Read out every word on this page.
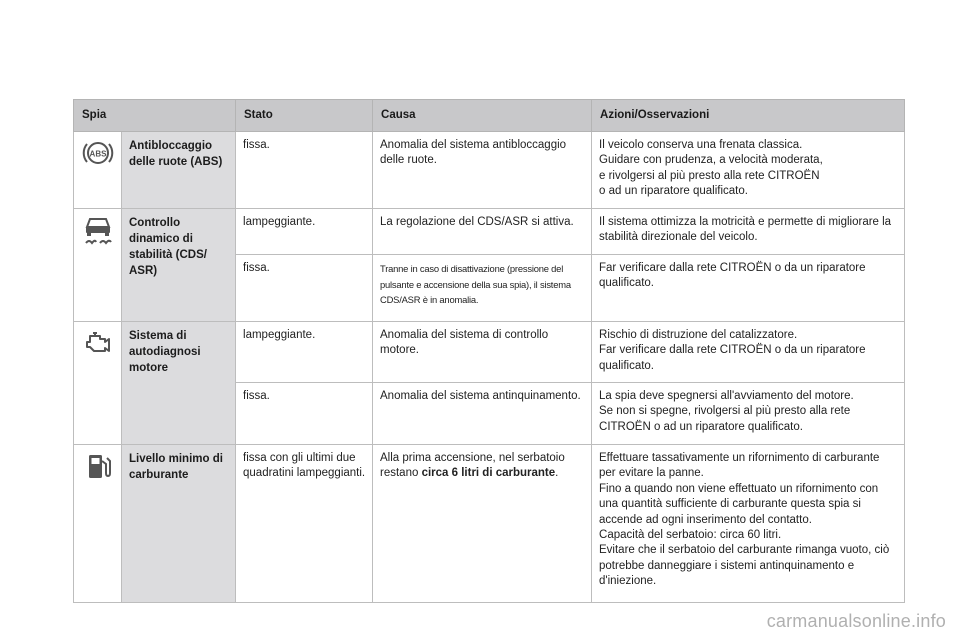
Spia		Stato	Causa	Azioni/Osservazioni

ABS	Antibloccaggio delle ruote (ABS)	fissa.	Anomalia del sistema antibloccaggio delle ruote.	Il veicolo conserva una frenata classica.
Guidare con prudenza, a velocità moderata,
e rivolgersi al più presto alla rete CITROËN
o ad un riparatore qualificato.

	Controllo dinamico di stabilità (CDS/ ASR)	lampeggiante.	La regolazione del CDS/ASR si attiva.	Il sistema ottimizza la motricità e permette di migliorare la stabilità direzionale del veicolo.
		fissa.	Tranne in caso di disattivazione (pressione del pulsante e accensione della sua spia), il sistema CDS/ASR è in anomalia.	Far verificare dalla rete CITROËN o da un riparatore qualificato.

	Sistema di autodiagnosi motore	lampeggiante.	Anomalia del sistema di controllo motore.	Rischio di distruzione del catalizzatore.
Far verificare dalla rete CITROËN o da un riparatore qualificato.

		fissa.	Anomalia del sistema antinquinamento.	La spia deve spegnersi all'avviamento del motore.
Se non si spegne, rivolgersi al più presto alla rete CITROËN o ad un riparatore qualificato.

	Livello minimo di carburante	fissa con gli ultimi due quadratini lampeggianti.	Alla prima accensione, nel serbatoio restano circa 6 litri di carburante.	Effettuare tassativamente un rifornimento di carburante per evitare la panne.
Fino a quando non viene effettuato un rifornimento con una quantità sufficiente di carburante questa spia si accende ad ogni inserimento del contatto.
Capacità del serbatoio: circa 60 litri.
Evitare che il serbatoio del carburante rimanga vuoto, ciò potrebbe danneggiare i sistemi antinquinamento e d'iniezione.
carmanualsonline.info
